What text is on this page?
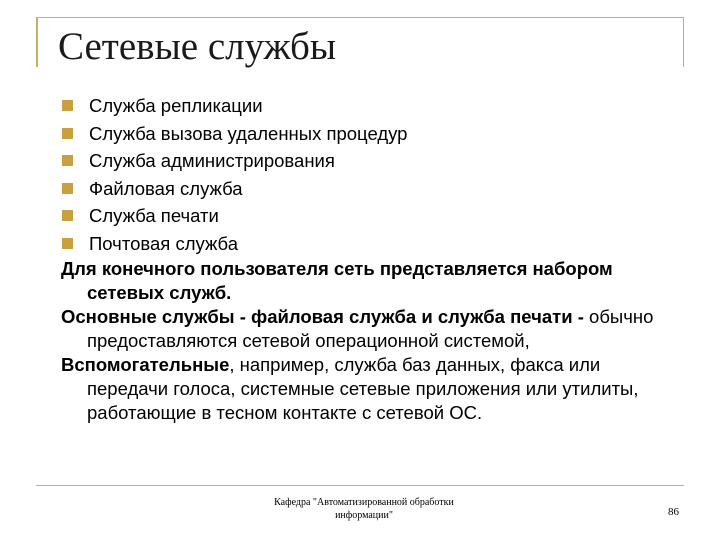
Сетевые службы
Служба репликации
Служба вызова удаленных процедур
Служба администрирования
Файловая служба
Служба печати
Почтовая служба
Для конечного пользователя сеть представляется набором сетевых служб.
Основные службы - файловая служба и служба печати - обычно предоставляются сетевой операционной системой,
Вспомогательные, например, служба баз данных, факса или передачи голоса, системные сетевые приложения или утилиты, работающие в тесном контакте с сетевой ОС.
Кафедра "Автоматизированной обработки
информации"	86
